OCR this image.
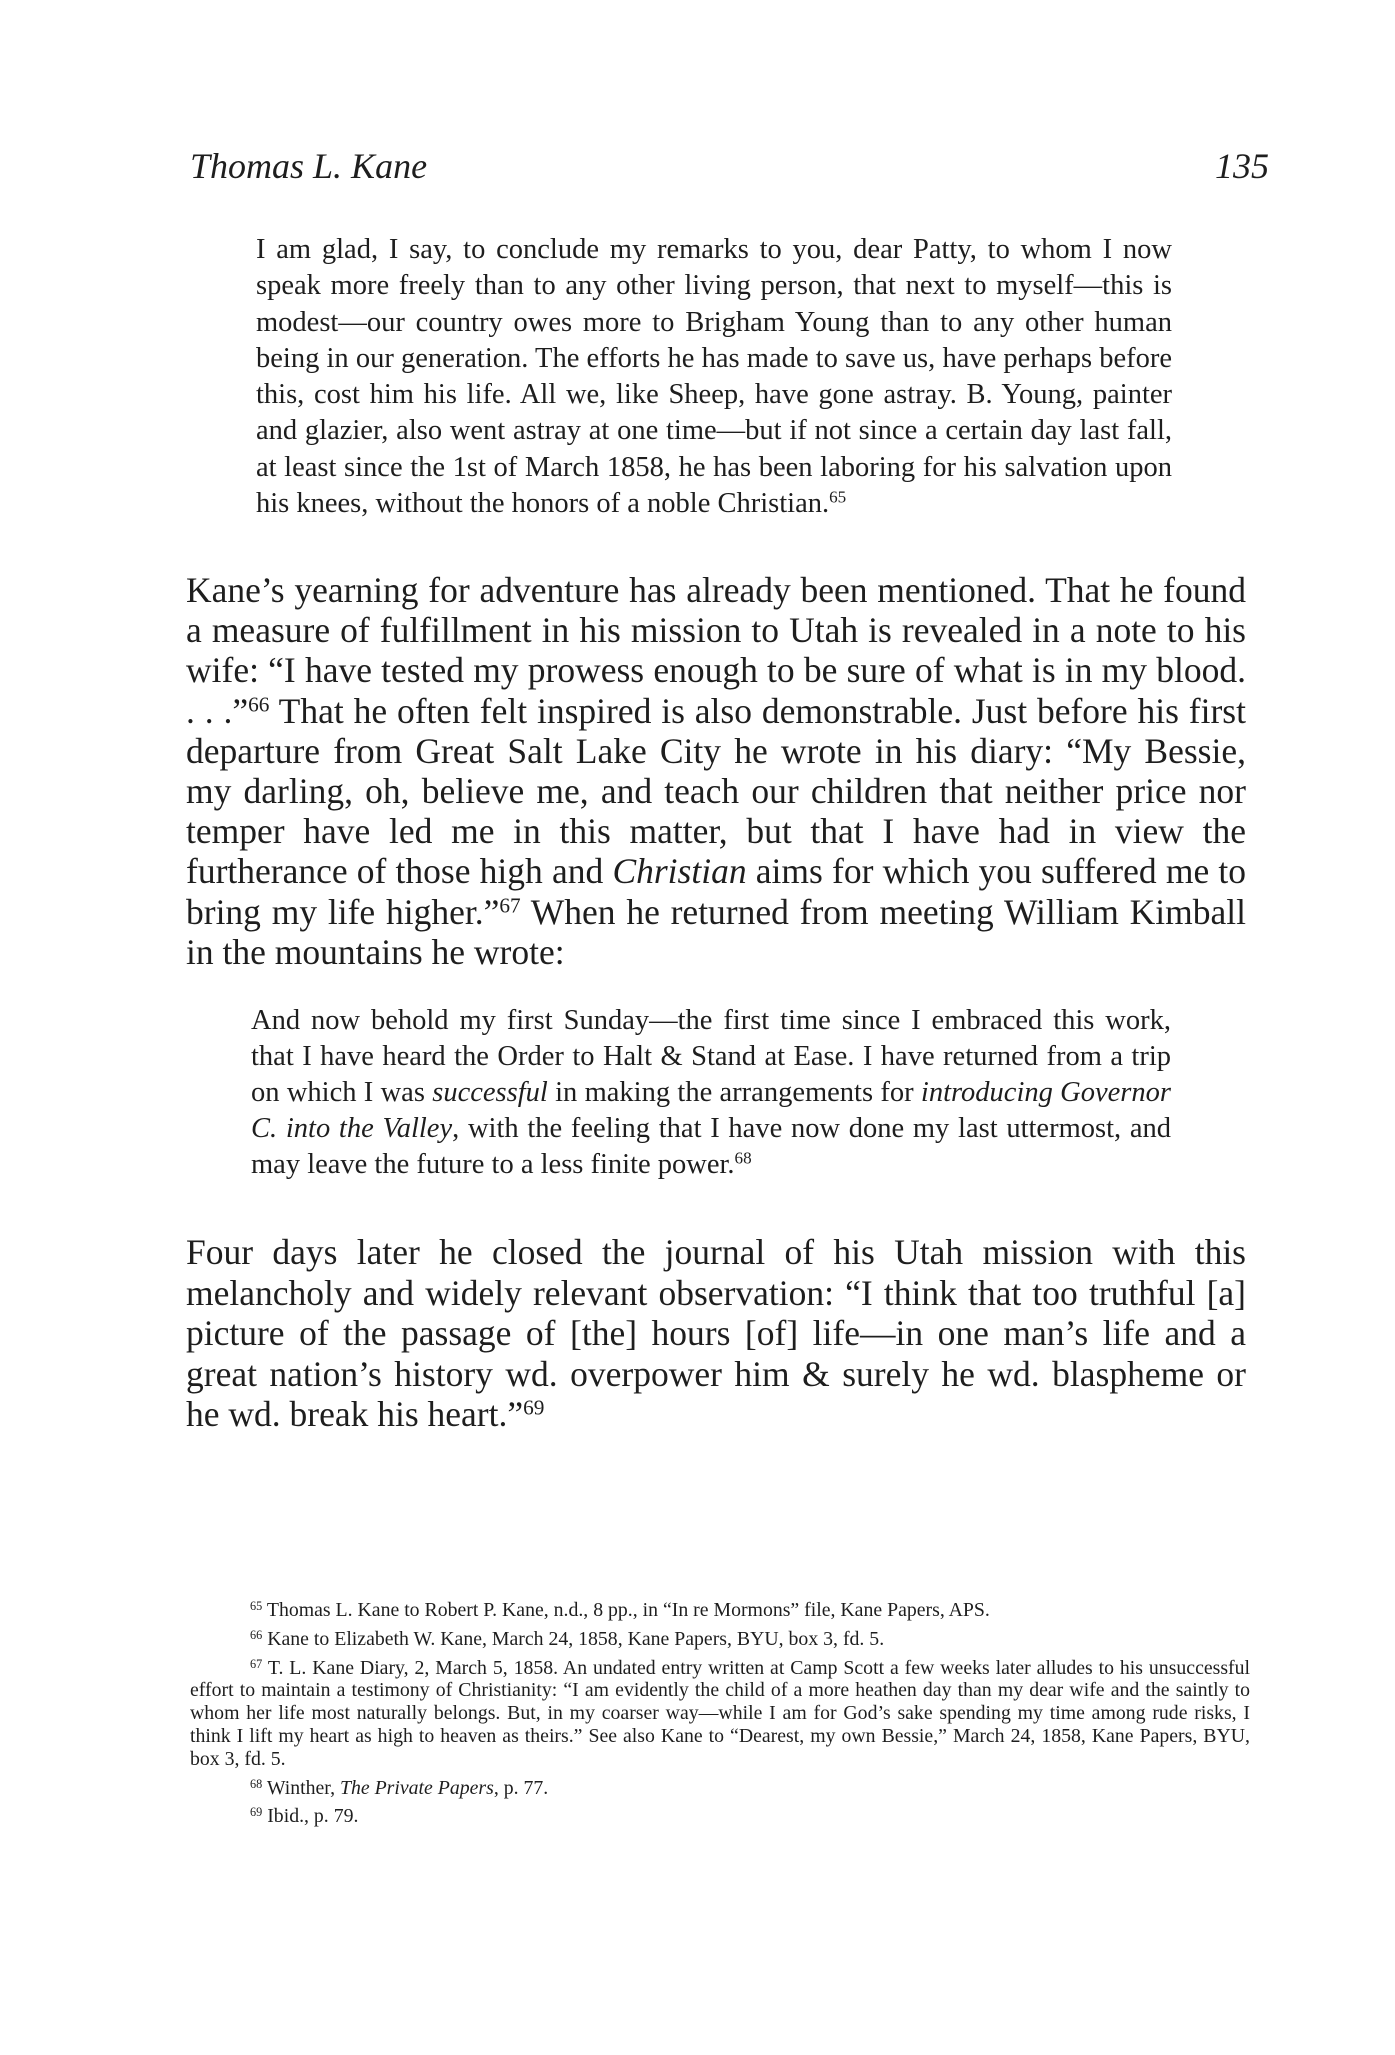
Thomas L. Kane	135
I am glad, I say, to conclude my remarks to you, dear Patty, to whom I now speak more freely than to any other living person, that next to myself—this is modest—our country owes more to Brigham Young than to any other human being in our generation. The efforts he has made to save us, have perhaps before this, cost him his life. All we, like Sheep, have gone astray. B. Young, painter and glazier, also went astray at one time—but if not since a certain day last fall, at least since the 1st of March 1858, he has been laboring for his salvation upon his knees, without the honors of a noble Christian.$^{65}$
Kane’s yearning for adventure has already been mentioned. That he found a measure of fulfillment in his mission to Utah is revealed in a note to his wife: “I have tested my prowess enough to be sure of what is in my blood. . . .”$^{66}$ That he often felt inspired is also demonstrable. Just before his first departure from Great Salt Lake City he wrote in his diary: “My Bessie, my darling, oh, believe me, and teach our children that neither price nor temper have led me in this matter, but that I have had in view the furtherance of those high and Christian aims for which you suffered me to bring my life higher.”$^{67}$ When he returned from meeting William Kimball in the mountains he wrote:
And now behold my first Sunday—the first time since I embraced this work, that I have heard the Order to Halt & Stand at Ease. I have returned from a trip on which I was successful in making the arrangements for introducing Governor C. into the Valley, with the feeling that I have now done my last uttermost, and may leave the future to a less finite power.$^{68}$
Four days later he closed the journal of his Utah mission with this melancholy and widely relevant observation: “I think that too truthful [a] picture of the passage of [the] hours [of] life—in one man’s life and a great nation’s history wd. overpower him & surely he wd. blaspheme or he wd. break his heart.”$^{69}$

$^{65}$ Thomas L. Kane to Robert P. Kane, n.d., 8 pp., in “In re Mormons” file, Kane Papers, APS.

$^{66}$ Kane to Elizabeth W. Kane, March 24, 1858, Kane Papers, BYU, box 3, fd. 5.

$^{67}$ T. L. Kane Diary, 2, March 5, 1858. An undated entry written at Camp Scott a few weeks later alludes to his unsuccessful effort to maintain a testimony of Christianity: “I am evidently the child of a more heathen day than my dear wife and the saintly to whom her life most naturally belongs. But, in my coarser way—while I am for God’s sake spending my time among rude risks, I think I lift my heart as high to heaven as theirs.” See also Kane to “Dearest, my own Bessie,” March 24, 1858, Kane Papers, BYU, box 3, fd. 5.

$^{68}$ Winther, The Private Papers, p. 77.

$^{69}$ Ibid., p. 79.
